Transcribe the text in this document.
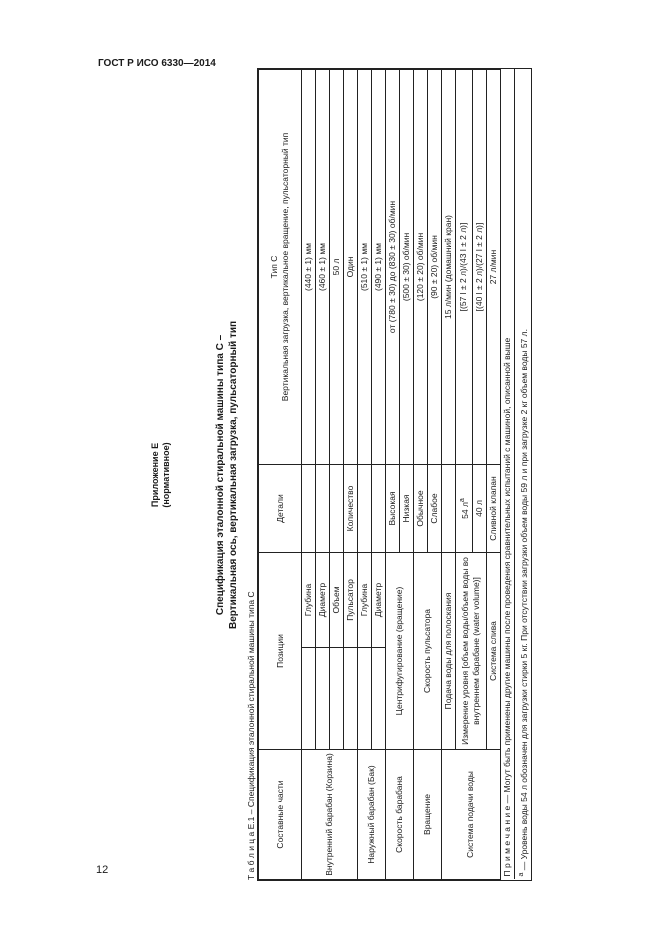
ГОСТ Р ИСО 6330—2014
12
Приложение Е (нормативное)	Спецификация эталонной стиральной машины типа С – Вертикальная ось, вертикальная загрузка, пульсаторный тип
Т а б л и ц а Е.1 – Спецификация эталонной стиральной машины типа С Составные части	Позиции		Детали	Тип С Вертикальная загрузка, вертикальное вращение, пульсаторный тип

Внутренний барабан (Корзина)		Глубина		(440 ± 1) мм
		Диаметр		(460 ± 1) мм
		Объем		50 л
		Пульсатор	Количество	Один
Наружный барабан (Бак)		Глубина		(510 ± 1) мм
		Диаметр		(490 ± 1) мм
Скорость барабана	Центрифугирование (вращение)		Высокая	от (780 ± 30) до (830 ± 30) об/мин
			Низкая	(500 ± 30) об/мин
Вращение	Скорость пульсатора		Обычное	(120 ± 20) об/мин
			Слабое	(90 ± 20) об/мин
Система подачи воды	Подача воды для полоскания			15 л/мин (домашний кран)
	Измерение уровня [объем воды/объем воды во внутреннем барабане (water volume)]		54 $л^а$	[(57 l ± 2 л)/(43 l ± 2 л)]
			40 л	[(40 l ± 2 л)/(27 l ± 2 л)]
	Система слива		Сливной клапан	27 л/мин
П р и м е ч а н и е — Могут быть применены другие машины после проведения сравнительных испытаний с машиной, описанной выше				
$^а$ — Уровень воды 54 л обозначен для загрузки стирки 5 кг. При отсутствии загрузки объем воды 59 л и при загрузке 2 кг объем воды 57 л.				
